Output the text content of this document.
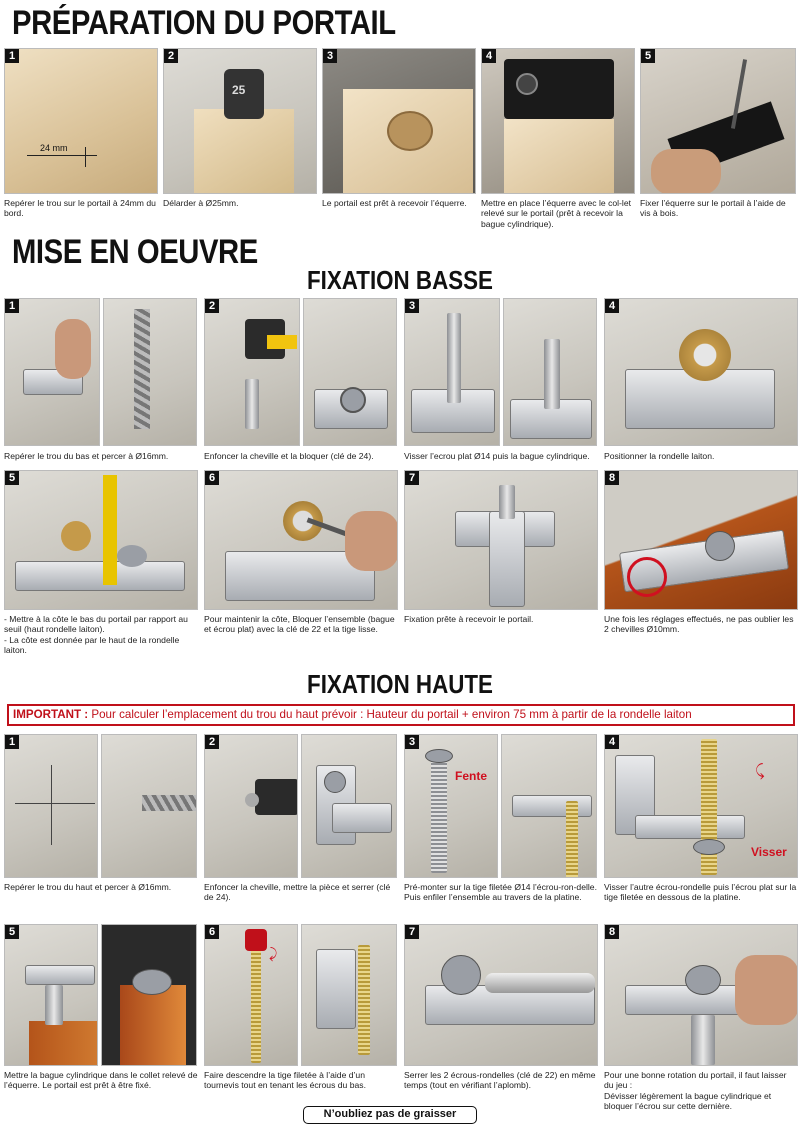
PRÉPARATION DU PORTAIL
MISE EN OEUVRE
FIXATION BASSE
FIXATION HAUTE
1
24 mm
Repérer le trou sur le portail à 24mm du bord.
2
25
Délarder à Ø25mm.
3
Le portail est prêt à recevoir l’équerre.
4
Mettre en place l’équerre avec le col-let relevé sur le portail (prêt à recevoir la bague cylindrique).
5
Fixer l’équerre sur le portail à l’aide de vis à bois.
1
Repérer le trou du bas et percer à Ø16mm.
2
Enfoncer la cheville et la bloquer (clé de 24).
3
Visser l’ecrou plat Ø14 puis la bague cylindrique.
4
Positionner la rondelle laiton.
5
- Mettre à la côte le bas du portail par rapport au seuil (haut rondelle laiton).
- La côte est donnée par le haut de la rondelle laiton.
6
Pour maintenir la côte, Bloquer l’ensemble (bague et écrou plat) avec la clé de 22 et la tige lisse.
7
Fixation prête à recevoir le portail.
8
Une fois les réglages effectués, ne pas oublier les 2 chevilles Ø10mm.
IMPORTANT : Pour calculer l’emplacement du trou du haut prévoir : Hauteur du portail + environ 75 mm à partir de la rondelle laiton
1
Repérer le trou du haut et percer à Ø16mm.
2
Enfoncer la cheville, mettre la pièce et serrer (clé de 24).
3
Fente
Pré-monter sur la tige filetée Ø14 l’écrou-ron-delle. Puis enfiler l’ensemble au travers de la platine.
4
⤹
Visser
Visser l’autre écrou-rondelle puis l’écrou plat sur la tige filetée en dessous de la platine.
5
Mettre la bague cylindrique dans le collet relevé de l’équerre. Le portail est prêt à être fixé.
6
⤸
Faire descendre la tige filetée à l’aide d’un tournevis tout en tenant les écrous du bas.
7
Serrer les 2 écrous-rondelles (clé de 22) en même temps (tout en vérifiant l’aplomb).
8
Pour une bonne rotation du portail, il faut laisser du jeu :
Dévisser légèrement la bague cylindrique et bloquer l’écrou sur cette dernière.
N’oubliez pas de graisser
